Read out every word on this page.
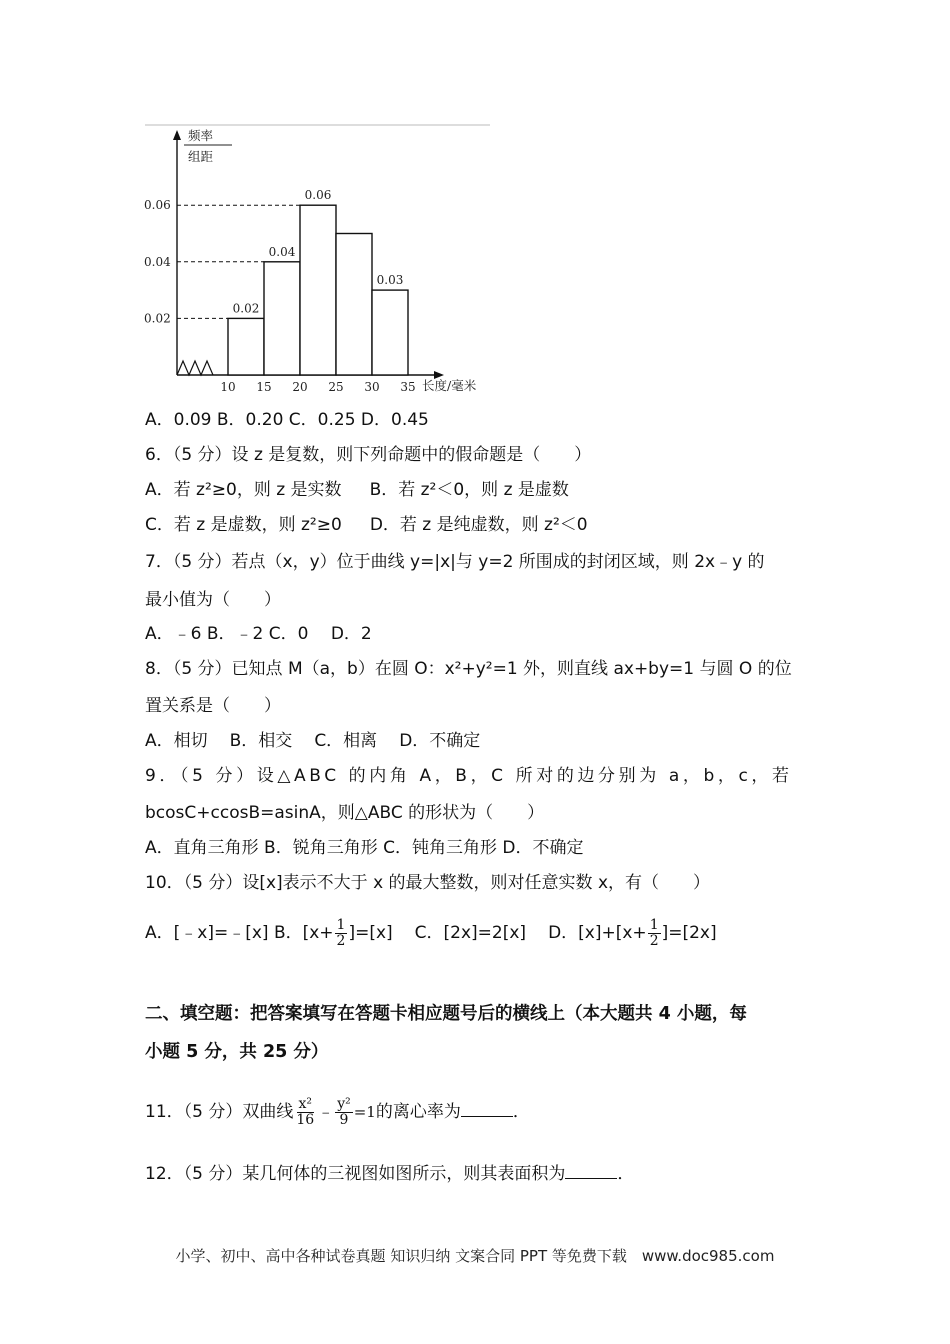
频率
组距
0.02
0.04
0.06
0.02
0.04
0.06
0.03
10 15 20 25 30 35 长度/毫米
A．0.09 B．0.20 C．0.25 D．0.45
6．（5 分）设 z 是复数，则下列命题中的假命题是（　　）
A．若 z²≥0，则 z 是实数 B．若 z²＜0，则 z 是虚数
C．若 z 是虚数，则 z²≥0 D．若 z 是纯虚数，则 z²＜0
7．（5 分）若点（x，y）位于曲线 y=|x|与 y=2 所围成的封闭区域，则 2x﹣y 的
最小值为（　　）
A．﹣6 B．﹣2 C．0　 D．2
8．（5 分）已知点 M（a，b）在圆 O：x²+y²=1 外，则直线 ax+by=1 与圆 O 的位
置关系是（　　）
A．相切 B．相交 C．相离 D．不确定
9．（5 分）设△ABC 的内角 A，B，C 所对的边分别为 a，b，c，若
bcosC+ccosB=asinA，则△ABC 的形状为（　　）
A．直角三角形 B．锐角三角形 C．钝角三角形 D．不确定
10．（5 分）设[x]表示不大于 x 的最大整数，则对任意实数 x，有（　　）
A．[﹣x]=﹣[x] B．$[x+ \frac{1}{2} ]=[x]$ C．[2x]=2[x] D．$[x]+[x+ \frac{1}{2} ]=[2x]$
二、填空题：把答案填写在答题卡相应题号后的横线上（本大题共 4 小题，每
小题 5 分，共 25 分）
11．（5 分）双曲线 $\frac{\text{x²}}{16}$ ﹣ $\frac{\text{y²}}{9} =1$的离心率为	．
12．（5 分）某几何体的三视图如图所示，则其表面积为	．
小学、初中、高中各种试卷真题 知识归纳 文案合同 PPT 等免费下载　www.doc985.com
